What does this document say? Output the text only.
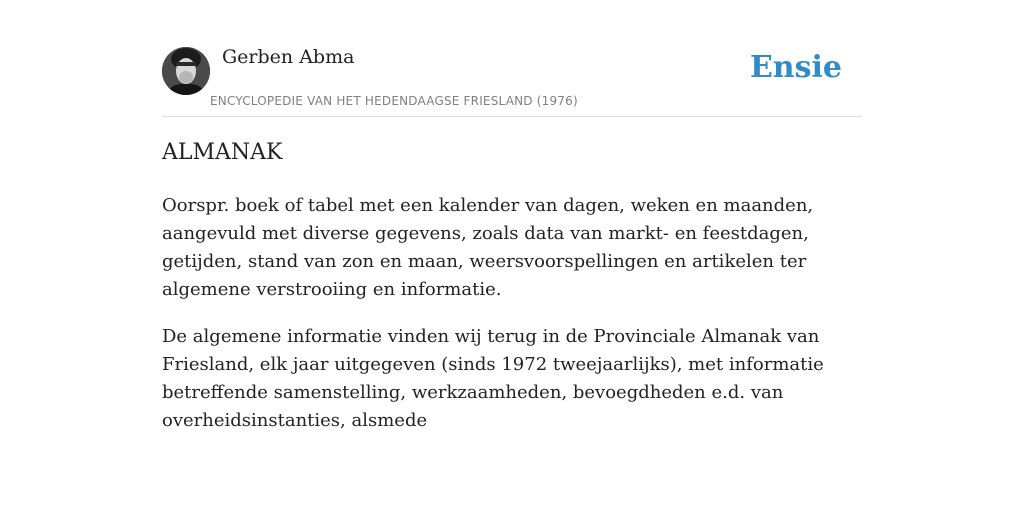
Gerben Abma
ENCYCLOPEDIE VAN HET HEDENDAAGSE FRIESLAND (1976)
Ensie
ALMANAK

Oorspr. boek of tabel met een kalender van dagen, weken en maanden, aangevuld met diverse gegevens, zoals data van markt- en feestdagen, getijden, stand van zon en maan, weersvoorspellingen en artikelen ter algemene verstrooiing en informatie.

De algemene informatie vinden wij terug in de Provinciale Almanak van Friesland, elk jaar uitgegeven (sinds 1972 tweejaarlijks), met informatie betreffende samenstelling, werkzaamheden, bevoegdheden e.d. van overheidsinstanties, alsmede
